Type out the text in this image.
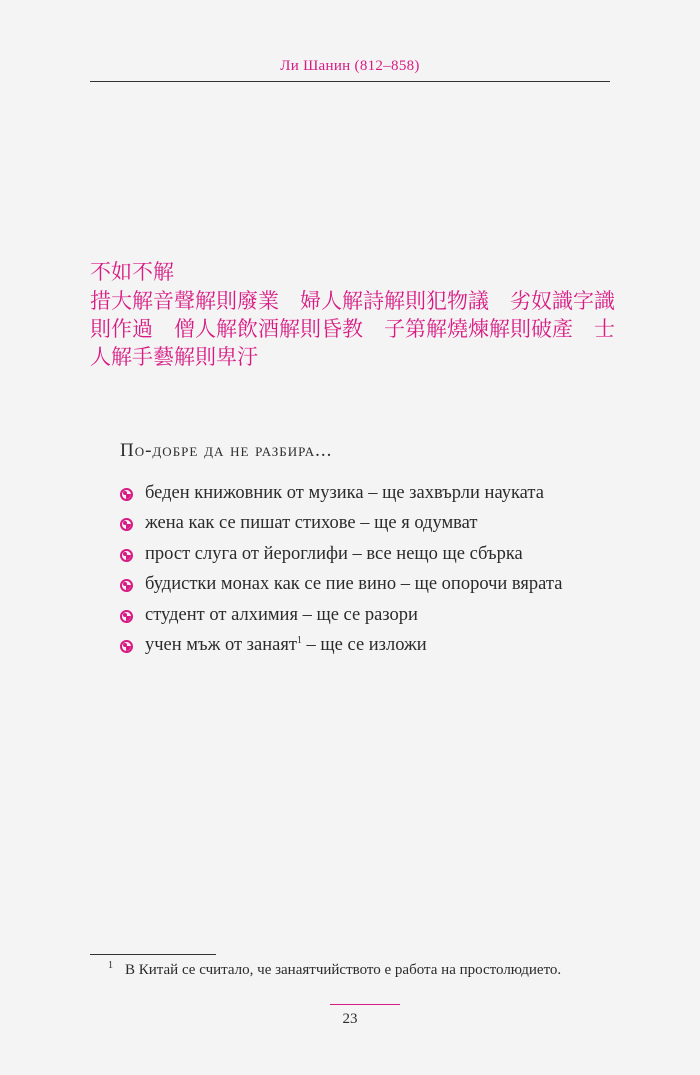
Ли Шанин (812–858)

不如不解

措大解音聲解則廢業　婦人解詩解則犯物議　劣奴識字識

則作過　僧人解飲酒解則昏教　子第解燒煉解則破產　士

人解手藝解則卑汙

По-добре да не разбира...
беден книжовник от музика – ще захвърли науката
жена как се пишат стихове – ще я одумват
прост слуга от йероглифи – все нещо ще сбърка
будистки монах как се пие вино – ще опорочи вярата
студент от алхимия – ще се разори
учен мъж от занаят$^1$ – ще се изложи
$^1$ В Китай се считало, че занаятчийството е работа на простолюдието.
23
